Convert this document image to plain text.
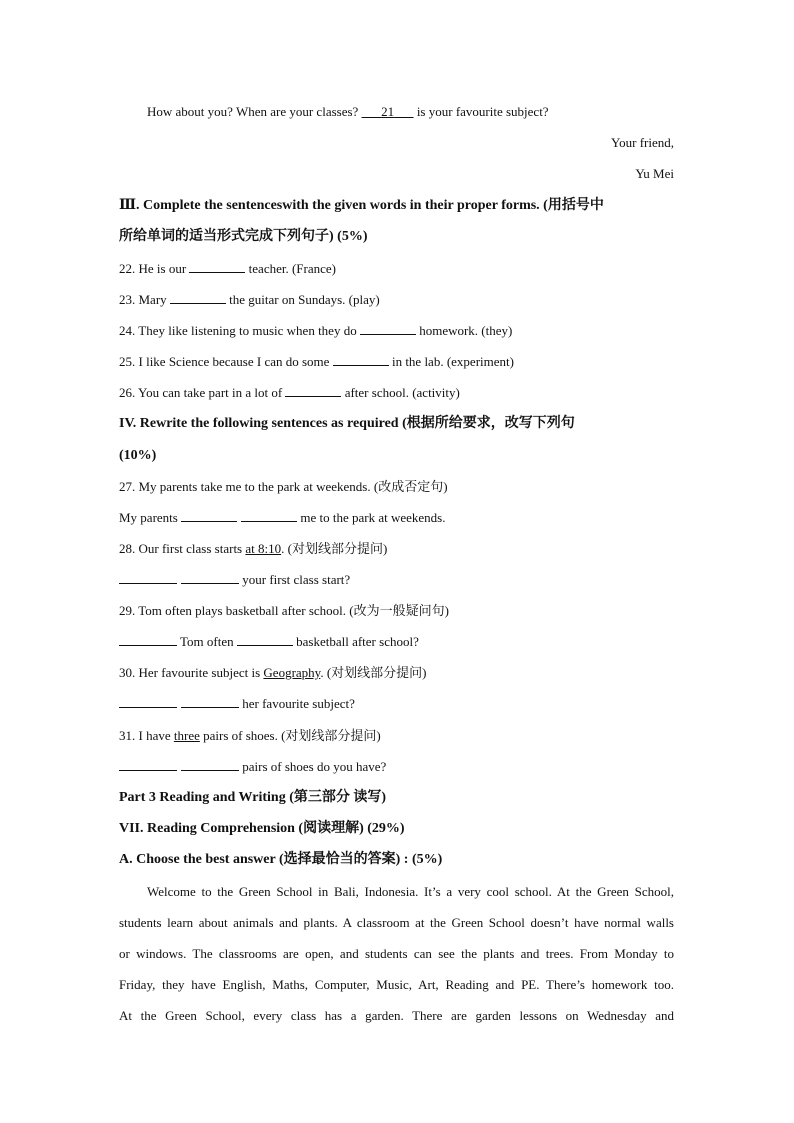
How about you? When are your classes?    21    is your favourite subject?
Your friend,
Yu Mei
Ⅲ. Complete the sentenceswith the given words in their proper forms. (用括号中
所给单词的适当形式完成下列句子) (5%)
22. He is our	teacher. (France)
23. Mary	the guitar on Sundays. (play)
24. They like listening to music when they do	homework. (they)
25. I like Science because I can do some	in the lab. (experiment)
26. You can take part in a lot of	after school. (activity)
IV. Rewrite the following sentences as required (根据所给要求，改写下列句
(10%)
27. My parents take me to the park at weekends. (改成否定句)
My parents	me to the park at weekends.
28. Our first class starts at 8:10. (对划线部分提问)
your first class start?
29. Tom often plays basketball after school. (改为一般疑问句)
Tom often	basketball after school?
30. Her favourite subject is Geography. (对划线部分提问)
her favourite subject?
31. I have three pairs of shoes. (对划线部分提问)
pairs of shoes do you have?
Part 3 Reading and Writing (第三部分 读写)
VII. Reading Comprehension (阅读理解) (29%)
A. Choose the best answer (选择最恰当的答案) : (5%)
Welcome to the Green School in Bali, Indonesia. It’s a very cool school. At the Green School,
students learn about animals and plants. A classroom at the Green School doesn’t have normal walls
or windows. The classrooms are open, and students can see the plants and trees. From Monday to
Friday, they have English, Maths, Computer, Music, Art, Reading and PE. There’s homework too.
At the Green School, every class has a garden. There are garden lessons on Wednesday and
